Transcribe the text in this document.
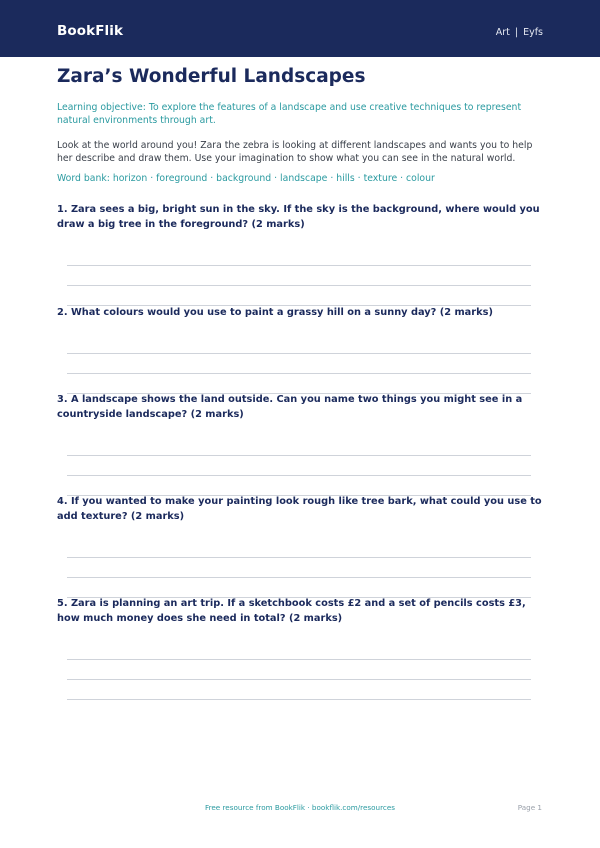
BookFlik	Art | Eyfs
Zara’s Wonderful Landscapes
Learning objective: To explore the features of a landscape and use creative techniques to represent natural environments through art.
Look at the world around you! Zara the zebra is looking at different landscapes and wants you to help her describe and draw them. Use your imagination to show what you can see in the natural world.
Word bank: horizon · foreground · background · landscape · hills · texture · colour
1. Zara sees a big, bright sun in the sky. If the sky is the background, where would you draw a big tree in the foreground? (2 marks)
2. What colours would you use to paint a grassy hill on a sunny day? (2 marks)
3. A landscape shows the land outside. Can you name two things you might see in a countryside landscape? (2 marks)
4. If you wanted to make your painting look rough like tree bark, what could you use to add texture? (2 marks)
5. Zara is planning an art trip. If a sketchbook costs £2 and a set of pencils costs £3, how much money does she need in total? (2 marks)
Free resource from BookFlik · bookflik.com/resources	Page 1
